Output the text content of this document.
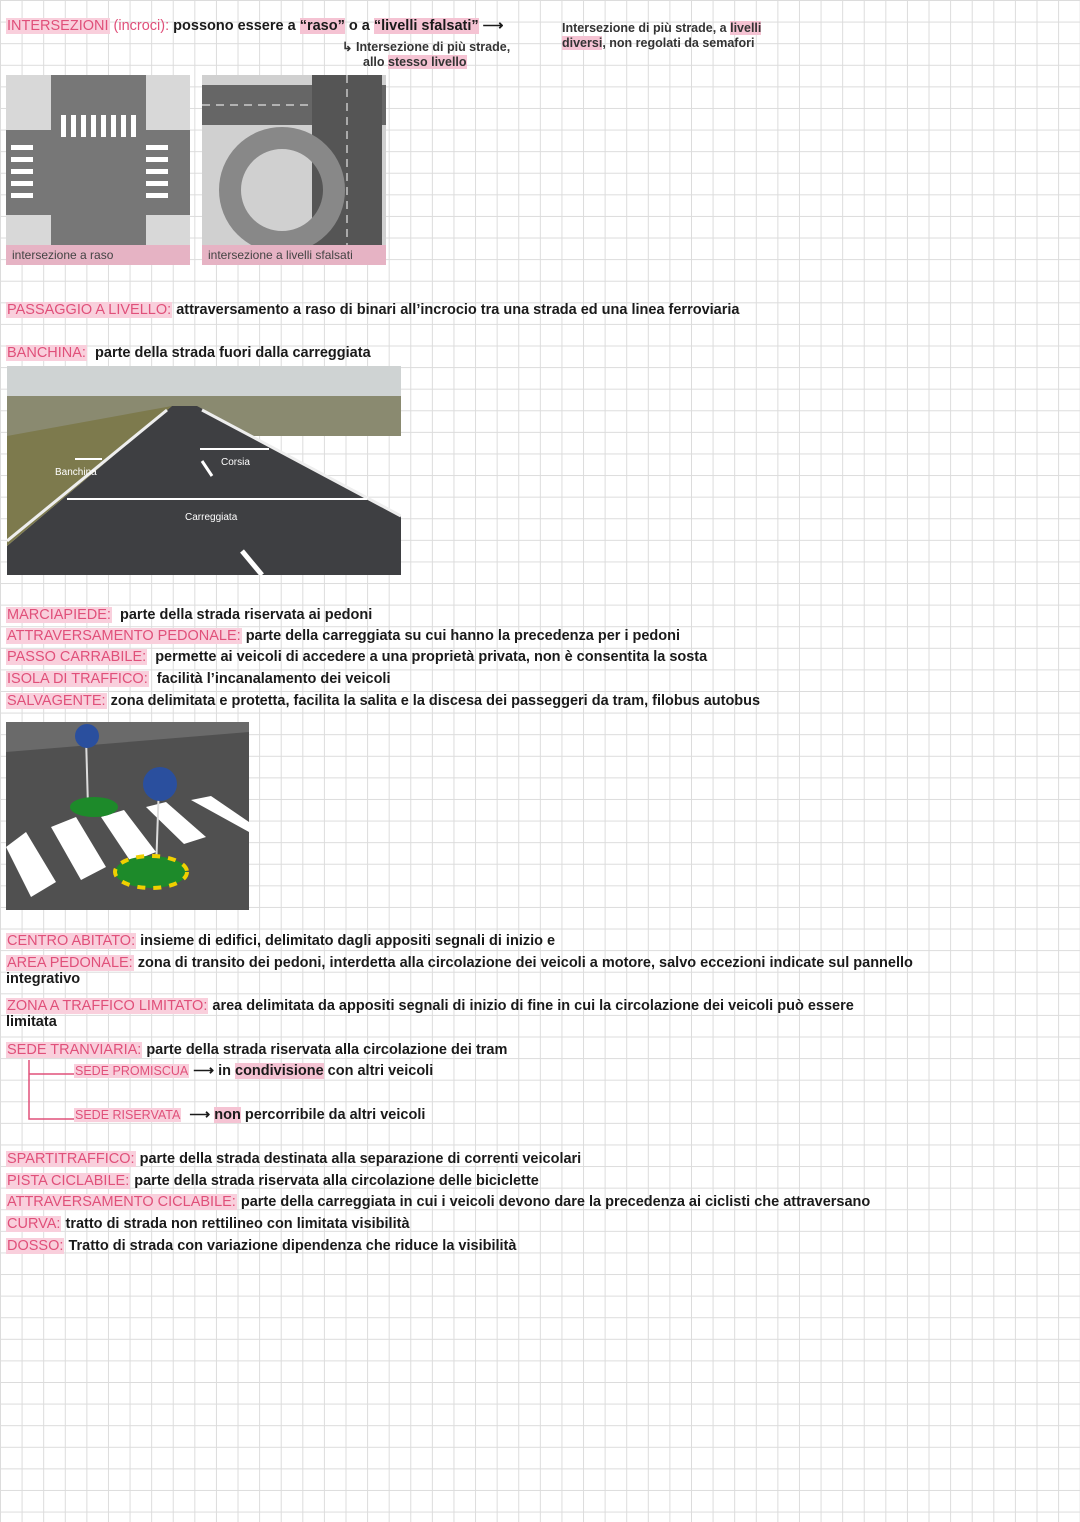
INTERSEZIONI (incroci): possono essere a “raso” o a “livelli sfalsati” ⟶	Intersezione di più strade, a livelli
diversi, non regolati da semafori
↳ Intersezione di più strade,
allo stesso livello
intersezione a raso	intersezione a livelli sfalsati
PASSAGGIO A LIVELLO: attraversamento a raso di binari all’incrocio tra una strada ed una linea ferroviaria
BANCHINA: parte della strada fuori dalla carreggiata
Banchina
Corsia
Carreggiata
MARCIAPIEDE: parte della strada riservata ai pedoni
ATTRAVERSAMENTO PEDONALE: parte della carreggiata su cui hanno la precedenza per i pedoni
PASSO CARRABILE: permette ai veicoli di accedere a una proprietà privata, non è consentita la sosta
ISOLA DI TRAFFICO: facilità l’incanalamento dei veicoli
SALVAGENTE: zona delimitata e protetta, facilita la salita e la discesa dei passeggeri da tram, filobus autobus
CENTRO ABITATO: insieme di edifici, delimitato dagli appositi segnali di inizio e
AREA PEDONALE: zona di transito dei pedoni, interdetta alla circolazione dei veicoli a motore, salvo eccezioni indicate sul pannello
integrativo
ZONA A TRAFFICO LIMITATO: area delimitata da appositi segnali di inizio di fine in cui la circolazione dei veicoli può essere
limitata
SEDE TRANVIARIA: parte della strada riservata alla circolazione dei tram
SEDE PROMISCUA ⟶ in condivisione con altri veicoli
SEDE RISERVATA ⟶ non percorribile da altri veicoli
SPARTITRAFFICO: parte della strada destinata alla separazione di correnti veicolari
PISTA CICLABILE: parte della strada riservata alla circolazione delle biciclette
ATTRAVERSAMENTO CICLABILE: parte della carreggiata in cui i veicoli devono dare la precedenza ai ciclisti che attraversano
CURVA: tratto di strada non rettilineo con limitata visibilità
DOSSO: Tratto di strada con variazione dipendenza che riduce la visibilità
